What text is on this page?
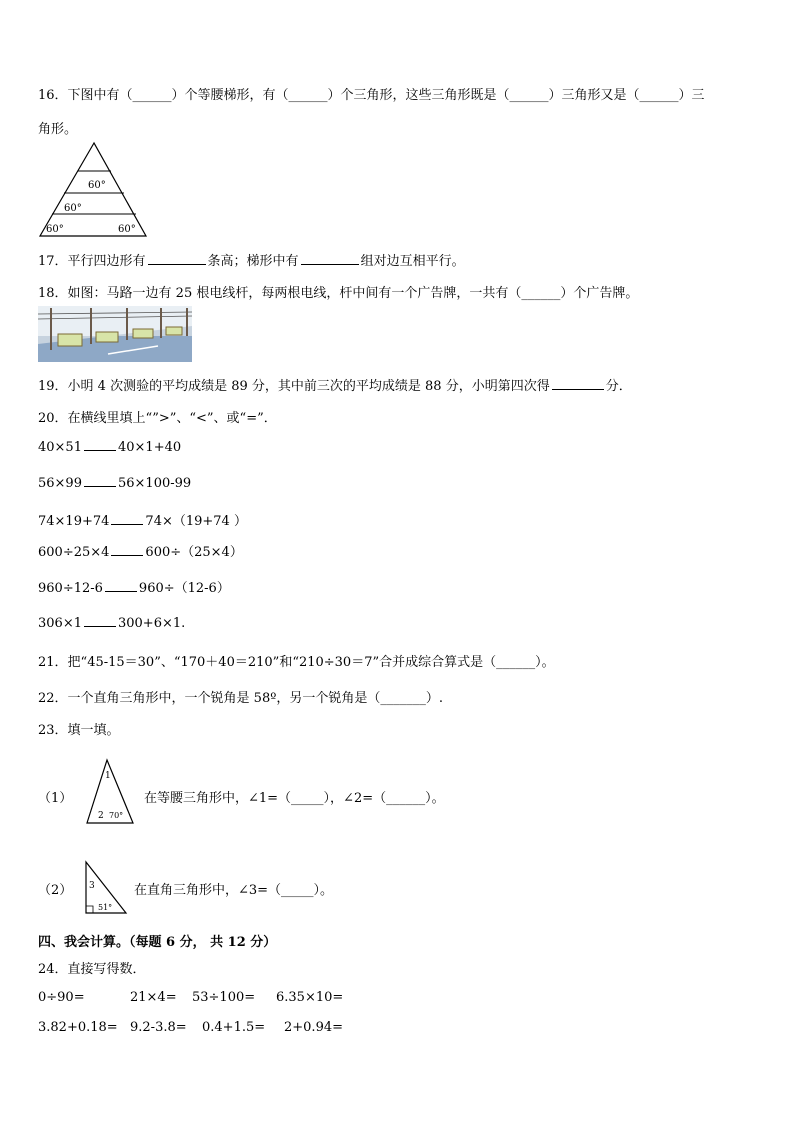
16．下图中有（______）个等腰梯形，有（______）个三角形，这些三角形既是（______）三角形又是（______）三
角形。
60°
60°
60°	60°
17．平行四边形有	条高；梯形中有	组对边互相平行。
18．如图：马路一边有 25 根电线杆，每两根电线，杆中间有一个广告牌，一共有（______）个广告牌。
19．小明 4 次测验的平均成绩是 89 分，其中前三次的平均成绩是 88 分，小明第四次得	分．
20．在横线里填上“”>”、“<”、或“=”．
40×51	40×1+40
56×99	56×100-99
74×19+74	74×（19+74 ）
600÷25×4	600÷（25×4）
960÷12-6	960÷（12-6）
306×1	300+6×1.
21．把“45-15＝30”、“170＋40＝210”和“210÷30＝7”合并成综合算式是（______）。
22．一个直角三角形中，一个锐角是 58º，另一个锐角是（_______）.
23．填一填。
（1）
1
2 70°
在等腰三角形中，∠1=（_____），∠2=（______）。
（2） 3
51°
在直角三角形中，∠3=（_____）。
四、我会计算。（每题 6 分， 共 12 分）
24．直接写得数．
0÷90=	21×4= 53÷100= 6.35×10=
3.82+0.18= 9.2-3.8= 0.4+1.5= 2+0.94=
